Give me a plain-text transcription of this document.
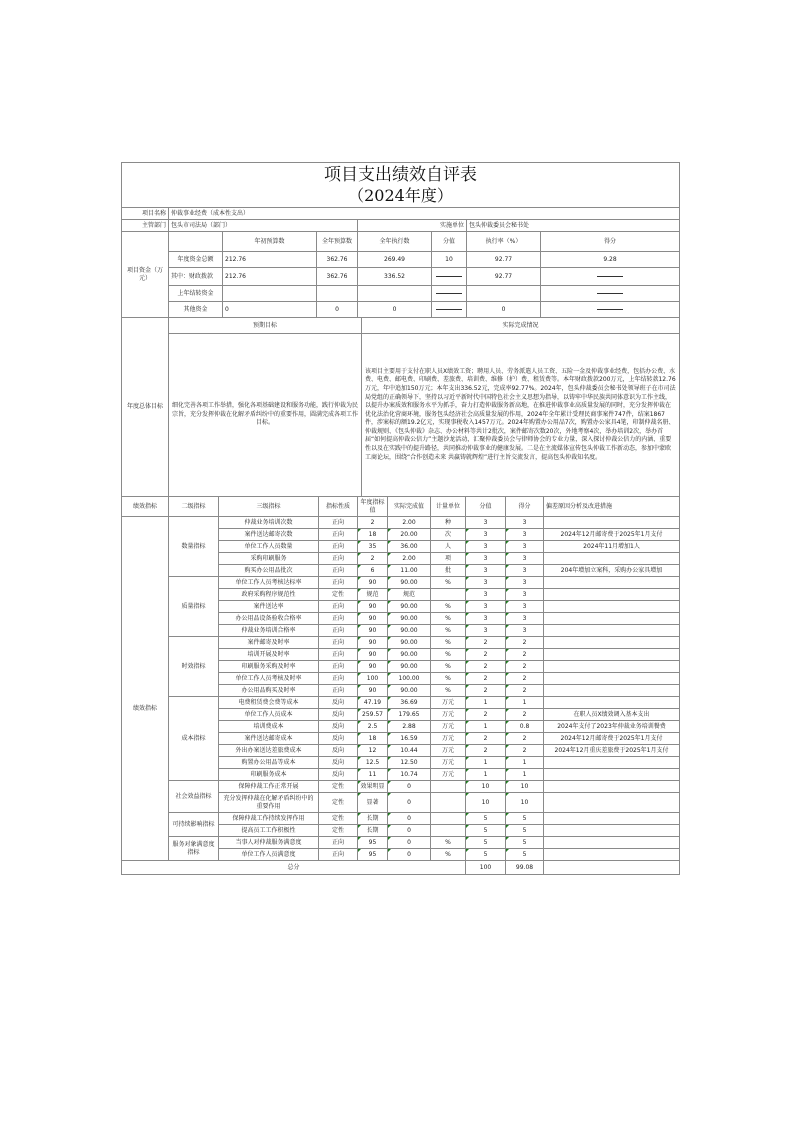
项目支出绩效自评表
（2024年度）							

项目名称	仲裁事业经费（成本性支出）						
主管部门	包头市司法局（部门）			实施单位		包头仲裁委员会秘书处	
项目资金（万元）		年初预算数	全年预算数	全年执行数	分值	执行率（%）	得分
	年度资金总额	212.76	362.76	269.49	10	92.77	9.28
	其中：财政拨款	212.76	362.76	336.52		92.77	
	上年结转资金						
	其他资金	0	0	0		0	
年度总体目标	预期目标	实际完成情况
	细化完善各项工作举措，强化各项基础建设和服务功能，践行仲裁为民宗旨，充分发挥仲裁在化解矛盾纠纷中的重要作用，圆满完成各项工作目标。	该项目主要用于支付在职人员X绩效工资；聘用人员、劳务派遣人员工资、五险一金及仲裁事业经费，包括办公费、水费、电费、邮电费、印刷费、差旅费、培训费、维修（护）费、租赁费等。本年财政拨款200万元，上年结转款12.76万元，年中追加150万元；本年支出336.52元，完成率92.77%。2024年，包头仲裁委员会秘书处领导班子在市司法局党组的正确领导下，坚持以习近平新时代中国特色社会主义思想为指导，以铸牢中华民族共同体意识为工作主线，以提升办案质效和服务水平为抓手，奋力打造仲裁服务新高地，在推进仲裁事业高质量发展的同时，充分发挥仲裁在优化法治化营商环境，服务包头经济社会高质量发展的作用，2024年全年累计受理民商事案件747件，结案1867件，涉案标的额19.2亿元，实现事税收入1457万元。2024年购置办公用品7次，购置办公家具4笔，印制仲裁名册、仲裁规则、《包头仲裁》杂志、办公材料等共计2批次，案件邮寄次数20次，外地考察4次，举办培训2次，举办首届“如何提高仲裁公信力”主题沙龙活动，汇聚仲裁委员会与律师协会的专业力量，深入探讨仲裁公信力的内涵、重要性以及在实践中的提升路径，共同推动仲裁事业的健康发展。二是在主流媒体宣传包头仲裁工作新动态，参加中蒙欧工商论坛，围绕“合作创造未来 共赢铸就辉煌”进行主旨交流发言，提高包头仲裁知名度。
绩效指标	二级指标	三级指标	指标性质	年度指标值	实际完成值	计量单位	分值	得分	偏差原因分析及改进措施
绩效指标	数量指标	仲裁业务培训次数	正向	2	2.00	种	3	3	
		案件送达邮寄次数	正向	18	20.00	次	3	3	2024年12月邮寄费于2025年1月支付
		单位工作人员数量	正向	35	36.00	人	3	3	2024年11月增加1人
		采购印刷服务	正向	2	2.00	项	3	3	
		购买办公用品批次	正向	6	11.00	批	3	3	204年增加立案科，采购办公家具增加
	质量指标	单位工作人员考核达标率	正向	90	90.00	%	3	3	
		政府采购程序规范性	定性	规范	规范		3	3	
		案件送达率	正向	90	90.00	%	3	3	
		办公用品设备验收合格率	正向	90	90.00	%	3	3	
		仲裁业务培训合格率	正向	90	90.00	%	3	3	
	时效指标	案件邮寄及时率	正向	90	90.00	%	2	2	
		培训开展及时率	正向	90	90.00	%	2	2	
		印刷服务采购及时率	正向	90	90.00	%	2	2	
		单位工作人员考核及时率	正向	100	100.00	%	2	2	
		办公用品购买及时率	正向	90	90.00	%	2	2	
	成本指标	电费租赁费会费等成本	反向	47.19	36.69	万元	1	1	
		单位工作人员成本	反向	259.57	179.65	万元	2	2	在职人员X绩效调入基本支出
		培训费成本	反向	2.5	2.88	万元	1	0.8	2024年支付了2023年仲裁业务培训餐费
		案件送达邮寄成本	反向	18	16.59	万元	2	2	2024年12月邮寄费于2025年1月支付
		外出办案送达差旅费成本	反向	12	10.44	万元	2	2	2024年12月重庆差旅费于2025年1月支付
		购置办公用品等成本	反向	12.5	12.50	万元	1	1	
		印刷服务成本	反向	11	10.74	万元	1	1	
	社会效益指标	保障仲裁工作正常开展	定性	效果明显	0		10	10	
		充分发挥仲裁在化解矛盾纠纷中的重要作用	定性	显著	0		10	10	
	可持续影响指标	保障仲裁工作持续发挥作用	定性	长期	0		5	5	
		提高员工工作积极性	定性	长期	0		5	5	
	服务对象满意度指标	当事人对仲裁服务满意度	正向	95	0	%	5	5	
		单位工作人员满意度	正向	95	0	%	5	5	
总分							100	99.08	
